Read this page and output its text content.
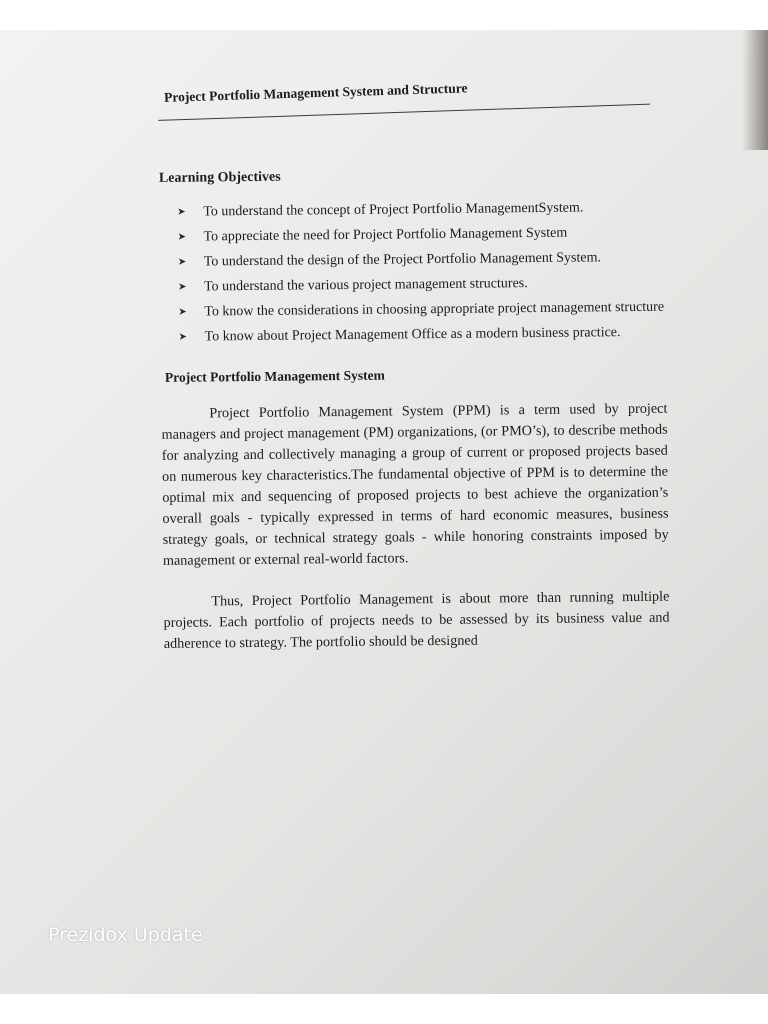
Project Portfolio Management System and Structure
Learning Objectives
➤	To understand the concept of Project Portfolio ManagementSystem.
➤	To appreciate the need for Project Portfolio Management System
➤	To understand the design of the Project Portfolio Management System.
➤	To understand the various project management structures.
➤	To know the considerations in choosing appropriate project management structure
➤	To know about Project Management Office as a modern business practice.
Project Portfolio Management System

Project Portfolio Management System (PPM) is a term used by project managers and project management (PM) organizations, (or PMO’s), to describe methods for analyzing and collectively managing a group of current or proposed projects based on numerous key characteristics.The fundamental objective of PPM is to determine the optimal mix and sequencing of proposed projects to best achieve the organization’s overall goals - typically expressed in terms of hard economic measures, business strategy goals, or technical strategy goals - while honoring constraints imposed by management or external real-world factors.

Thus, Project Portfolio Management is about more than running multiple projects. Each portfolio of projects needs to be assessed by its business value and adherence to strategy. The portfolio should be designed

Prezidox Update
